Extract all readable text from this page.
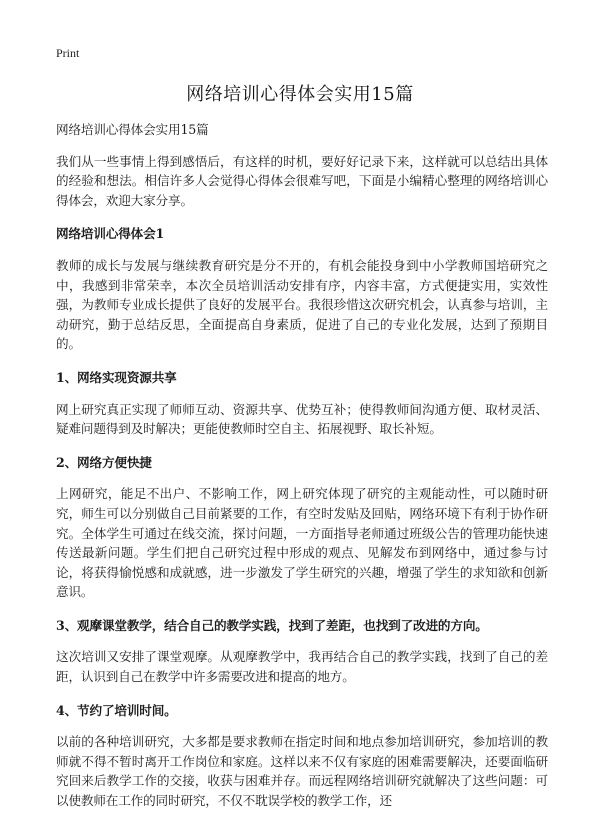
Print
网络培训心得体会实用15篇

网络培训心得体会实用15篇

我们从一些事情上得到感悟后，有这样的时机，要好好记录下来，这样就可以总结出具体的经验和想法。相信许多人会觉得心得体会很难写吧，下面是小编精心整理的网络培训心得体会，欢迎大家分享。

网络培训心得体会1

教师的成长与发展与继续教育研究是分不开的，有机会能投身到中小学教师国培研究之中，我感到非常荣幸，本次全员培训活动安排有序，内容丰富，方式便捷实用，实效性强，为教师专业成长提供了良好的发展平台。我很珍惜这次研究机会，认真参与培训，主动研究，勤于总结反思，全面提高自身素质，促进了自己的专业化发展，达到了预期目的。

1、网络实现资源共享

网上研究真正实现了师师互动、资源共享、优势互补；使得教师间沟通方便、取材灵活、疑难问题得到及时解决；更能使教师时空自主、拓展视野、取长补短。

2、网络方便快捷

上网研究，能足不出户、不影响工作，网上研究体现了研究的主观能动性，可以随时研究，师生可以分别做自己目前紧要的工作，有空时发贴及回贴，网络环境下有利于协作研究。全体学生可通过在线交流，探讨问题，一方面指导老师通过班级公告的管理功能快速传送最新问题。学生们把自己研究过程中形成的观点、见解发布到网络中，通过参与讨论，将获得愉悦感和成就感，进一步激发了学生研究的兴趣，增强了学生的求知欲和创新意识。

3、观摩课堂教学，结合自己的教学实践，找到了差距，也找到了改进的方向。

这次培训又安排了课堂观摩。从观摩教学中，我再结合自己的教学实践，找到了自己的差距，认识到自己在教学中许多需要改进和提高的地方。

4、节约了培训时间。

以前的各种培训研究，大多都是要求教师在指定时间和地点参加培训研究，参加培训的教师就不得不暂时离开工作岗位和家庭。这样以来不仅有家庭的困难需要解决，还要面临研究回来后教学工作的交接，收获与困难并存。而远程网络培训研究就解决了这些问题：可以使教师在工作的同时研究，不仅不耽误学校的教学工作，还
